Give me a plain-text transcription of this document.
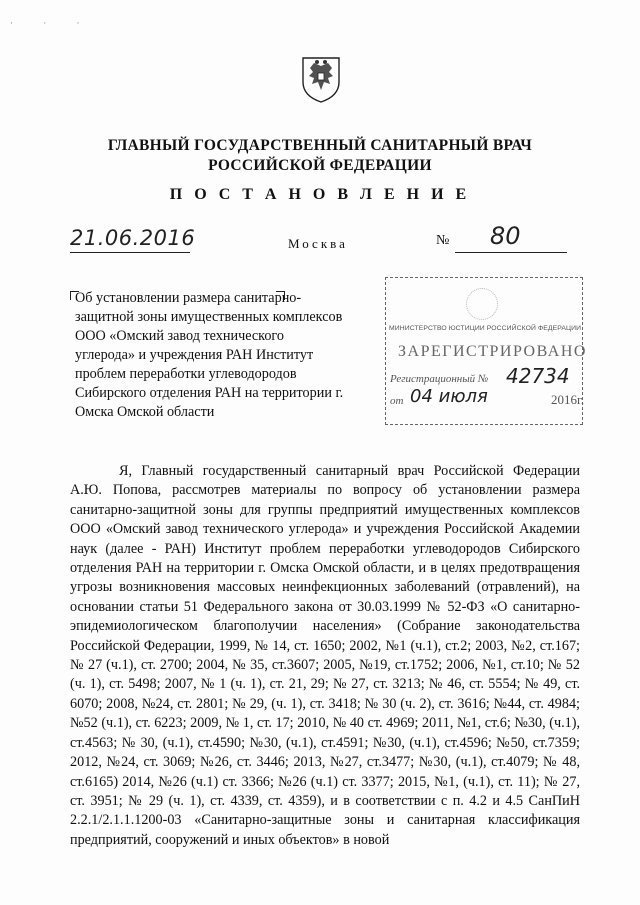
· · ·
ГЛАВНЫЙ ГОСУДАРСТВЕННЫЙ САНИТАРНЫЙ ВРАЧ
РОССИЙСКОЙ ФЕДЕРАЦИИ
П О С Т А Н О В Л Е Н И Е
21.06.2016	Москва	№ 80

Об установлении размера санитарно-защитной зоны имущественных комплексов ООО «Омский завод технического углерода» и учреждения РАН Институт проблем переработки углеводородов Сибирского отделения РАН на территории г. Омска Омской области

МИНИСТЕРСТВО ЮСТИЦИИ РОССИЙСКОЙ ФЕДЕРАЦИИ
ЗАРЕГИСТРИРОВАНО
Регистрационный № 42734
от 04 июля	2016г.

Я, Главный государственный санитарный врач Российской Федерации А.Ю. Попова, рассмотрев материалы по вопросу об установлении размера санитарно-защитной зоны для группы предприятий имущественных комплексов ООО «Омский завод технического углерода» и учреждения Российской Академии наук (далее - РАН) Институт проблем переработки углеводородов Сибирского отделения РАН на территории г. Омска Омской области, и в целях предотвращения угрозы возникновения массовых неинфекционных заболеваний (отравлений), на основании статьи 51 Федерального закона от 30.03.1999 № 52-ФЗ «О санитарно-эпидемиологическом благополучии населения» (Собрание законодательства Российской Федерации, 1999, № 14, ст. 1650; 2002, №1 (ч.1), ст.2; 2003, №2, ст.167; № 27 (ч.1), ст. 2700; 2004, № 35, ст.3607; 2005, №19, ст.1752; 2006, №1, ст.10; № 52 (ч. 1), ст. 5498; 2007, № 1 (ч. 1), ст. 21, 29; № 27, ст. 3213; № 46, ст. 5554; № 49, ст. 6070; 2008, №24, ст. 2801; № 29, (ч. 1), ст. 3418; № 30 (ч. 2), ст. 3616; №44, ст. 4984; №52 (ч.1), ст. 6223; 2009, № 1, ст. 17; 2010, № 40 ст. 4969; 2011, №1, ст.6; №30, (ч.1), ст.4563; № 30, (ч.1), ст.4590; №30, (ч.1), ст.4591; №30, (ч.1), ст.4596; №50, ст.7359; 2012, №24, ст. 3069; №26, ст. 3446; 2013, №27, ст.3477; №30, (ч.1), ст.4079; № 48, ст.6165) 2014, №26 (ч.1) ст. 3366; №26 (ч.1) ст. 3377; 2015, №1, (ч.1), ст. 11); № 27, ст. 3951; № 29 (ч. 1), ст. 4339, ст. 4359), и в соответствии с п. 4.2 и 4.5 СанПиН 2.2.1/2.1.1.1200-03 «Санитарно-защитные зоны и санитарная классификация предприятий, сооружений и иных объектов» в новой
